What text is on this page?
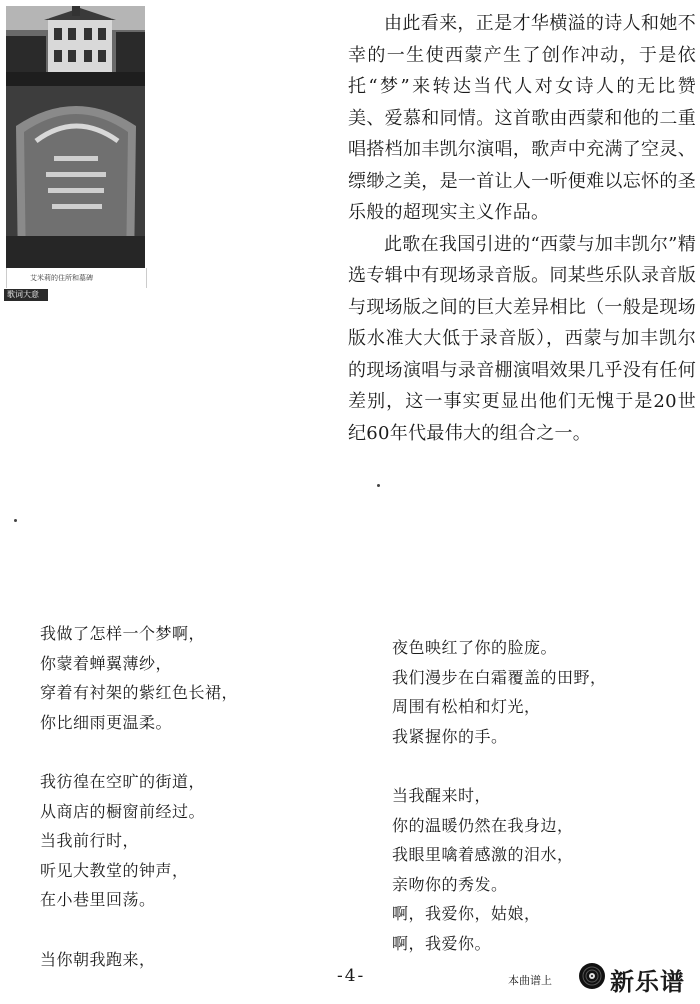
艾米莉的住所和墓碑
歌词大意

由此看来，正是才华横溢的诗人和她不幸的一生使西蒙产生了创作冲动，于是依托“梦”来转达当代人对女诗人的无比赞美、爱慕和同情。这首歌由西蒙和他的二重唱搭档加丰凯尔演唱，歌声中充满了空灵、缥缈之美，是一首让人一听便难以忘怀的圣乐般的超现实主义作品。

此歌在我国引进的“西蒙与加丰凯尔”精选专辑中有现场录音版。同某些乐队录音版与现场版之间的巨大差异相比（一般是现场版水准大大低于录音版），西蒙与加丰凯尔的现场演唱与录音棚演唱效果几乎没有任何差别，这一事实更显出他们无愧于是20世纪60年代最伟大的组合之一。

我做了怎样一个梦啊，
你蒙着蝉翼薄纱，
穿着有衬架的紫红色长裙，
你比细雨更温柔。
我彷徨在空旷的街道，
从商店的橱窗前经过。
当我前行时，
听见大教堂的钟声，
在小巷里回荡。
当你朝我跑来，
夜色映红了你的脸庞。
我们漫步在白霜覆盖的田野，
周围有松柏和灯光，
我紧握你的手。
当我醒来时，
你的温暖仍然在我身边，
我眼里噙着感激的泪水，
亲吻你的秀发。
啊，我爱你，姑娘，
啊，我爱你。
-4-	本曲谱上 新乐谱
